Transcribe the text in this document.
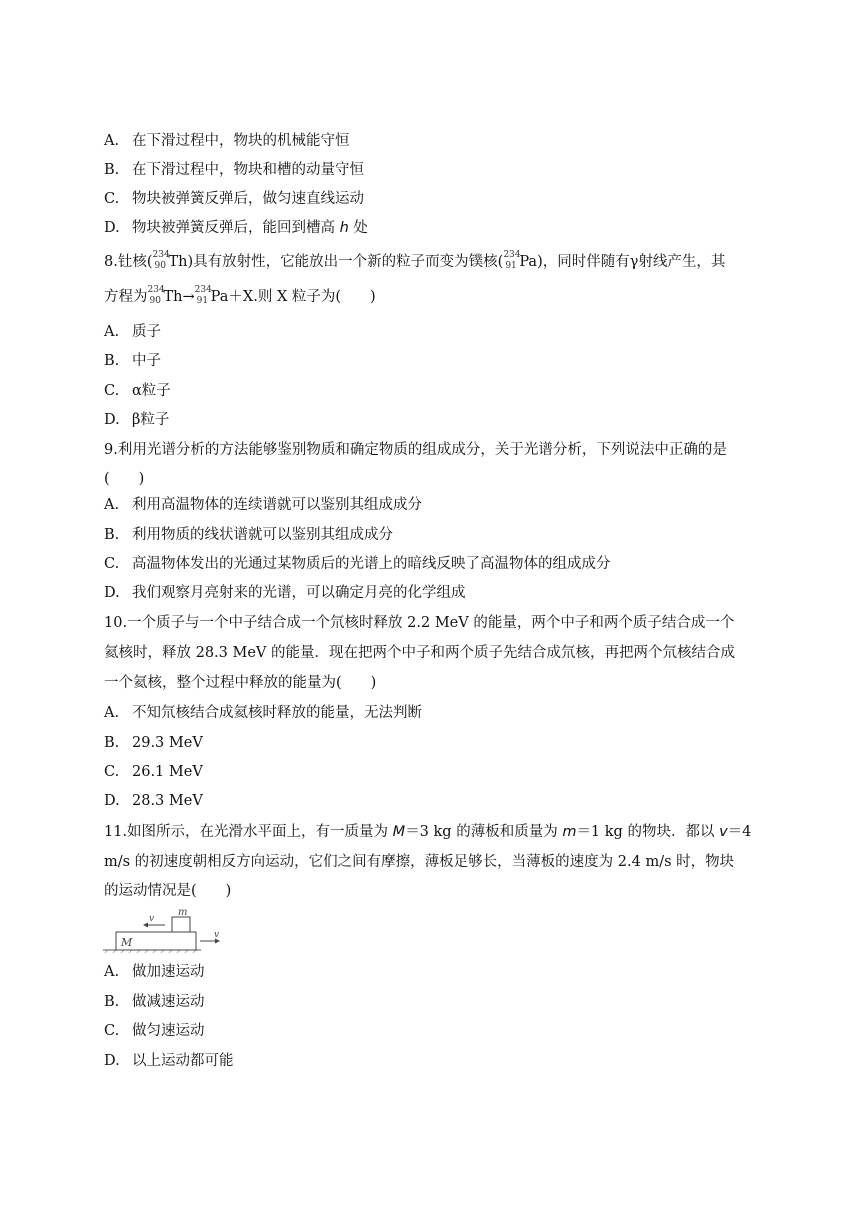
A. 在下滑过程中，物块的机械能守恒
B. 在下滑过程中，物块和槽的动量守恒
C. 物块被弹簧反弹后，做匀速直线运动
D. 物块被弹簧反弹后，能回到槽高 h 处
8.钍核( 234
90 Th)具有放射性，它能放出一个新的粒子而变为镤核( 234
91 Pa)，同时伴随有γ射线产生，其
方程为 234
90 Th→ 234
91 Pa＋X.则 X 粒子为(　　)
A. 质子
B. 中子
C. α粒子
D. β粒子
9.利用光谱分析的方法能够鉴别物质和确定物质的组成成分，关于光谱分析，下列说法中正确的是
(　　)
A. 利用高温物体的连续谱就可以鉴别其组成成分
B. 利用物质的线状谱就可以鉴别其组成成分
C. 高温物体发出的光通过某物质后的光谱上的暗线反映了高温物体的组成成分
D. 我们观察月亮射来的光谱，可以确定月亮的化学组成
10.一个质子与一个中子结合成一个氘核时释放 2.2 MeV 的能量，两个中子和两个质子结合成一个
氦核时，释放 28.3 MeV 的能量．现在把两个中子和两个质子先结合成氘核，再把两个氘核结合成
一个氦核，整个过程中释放的能量为(　　)
A. 不知氘核结合成氦核时释放的能量，无法判断
B. 29.3 MeV
C. 26.1 MeV
D. 28.3 MeV
11.如图所示，在光滑水平面上，有一质量为 M＝3 kg 的薄板和质量为 m＝1 kg 的物块．都以 v＝4
m/s 的初速度朝相反方向运动，它们之间有摩擦，薄板足够长，当薄板的速度为 2.4 m/s 时，物块
的运动情况是(　　)
M
m
v
v
A. 做加速运动
B. 做减速运动
C. 做匀速运动
D. 以上运动都可能
